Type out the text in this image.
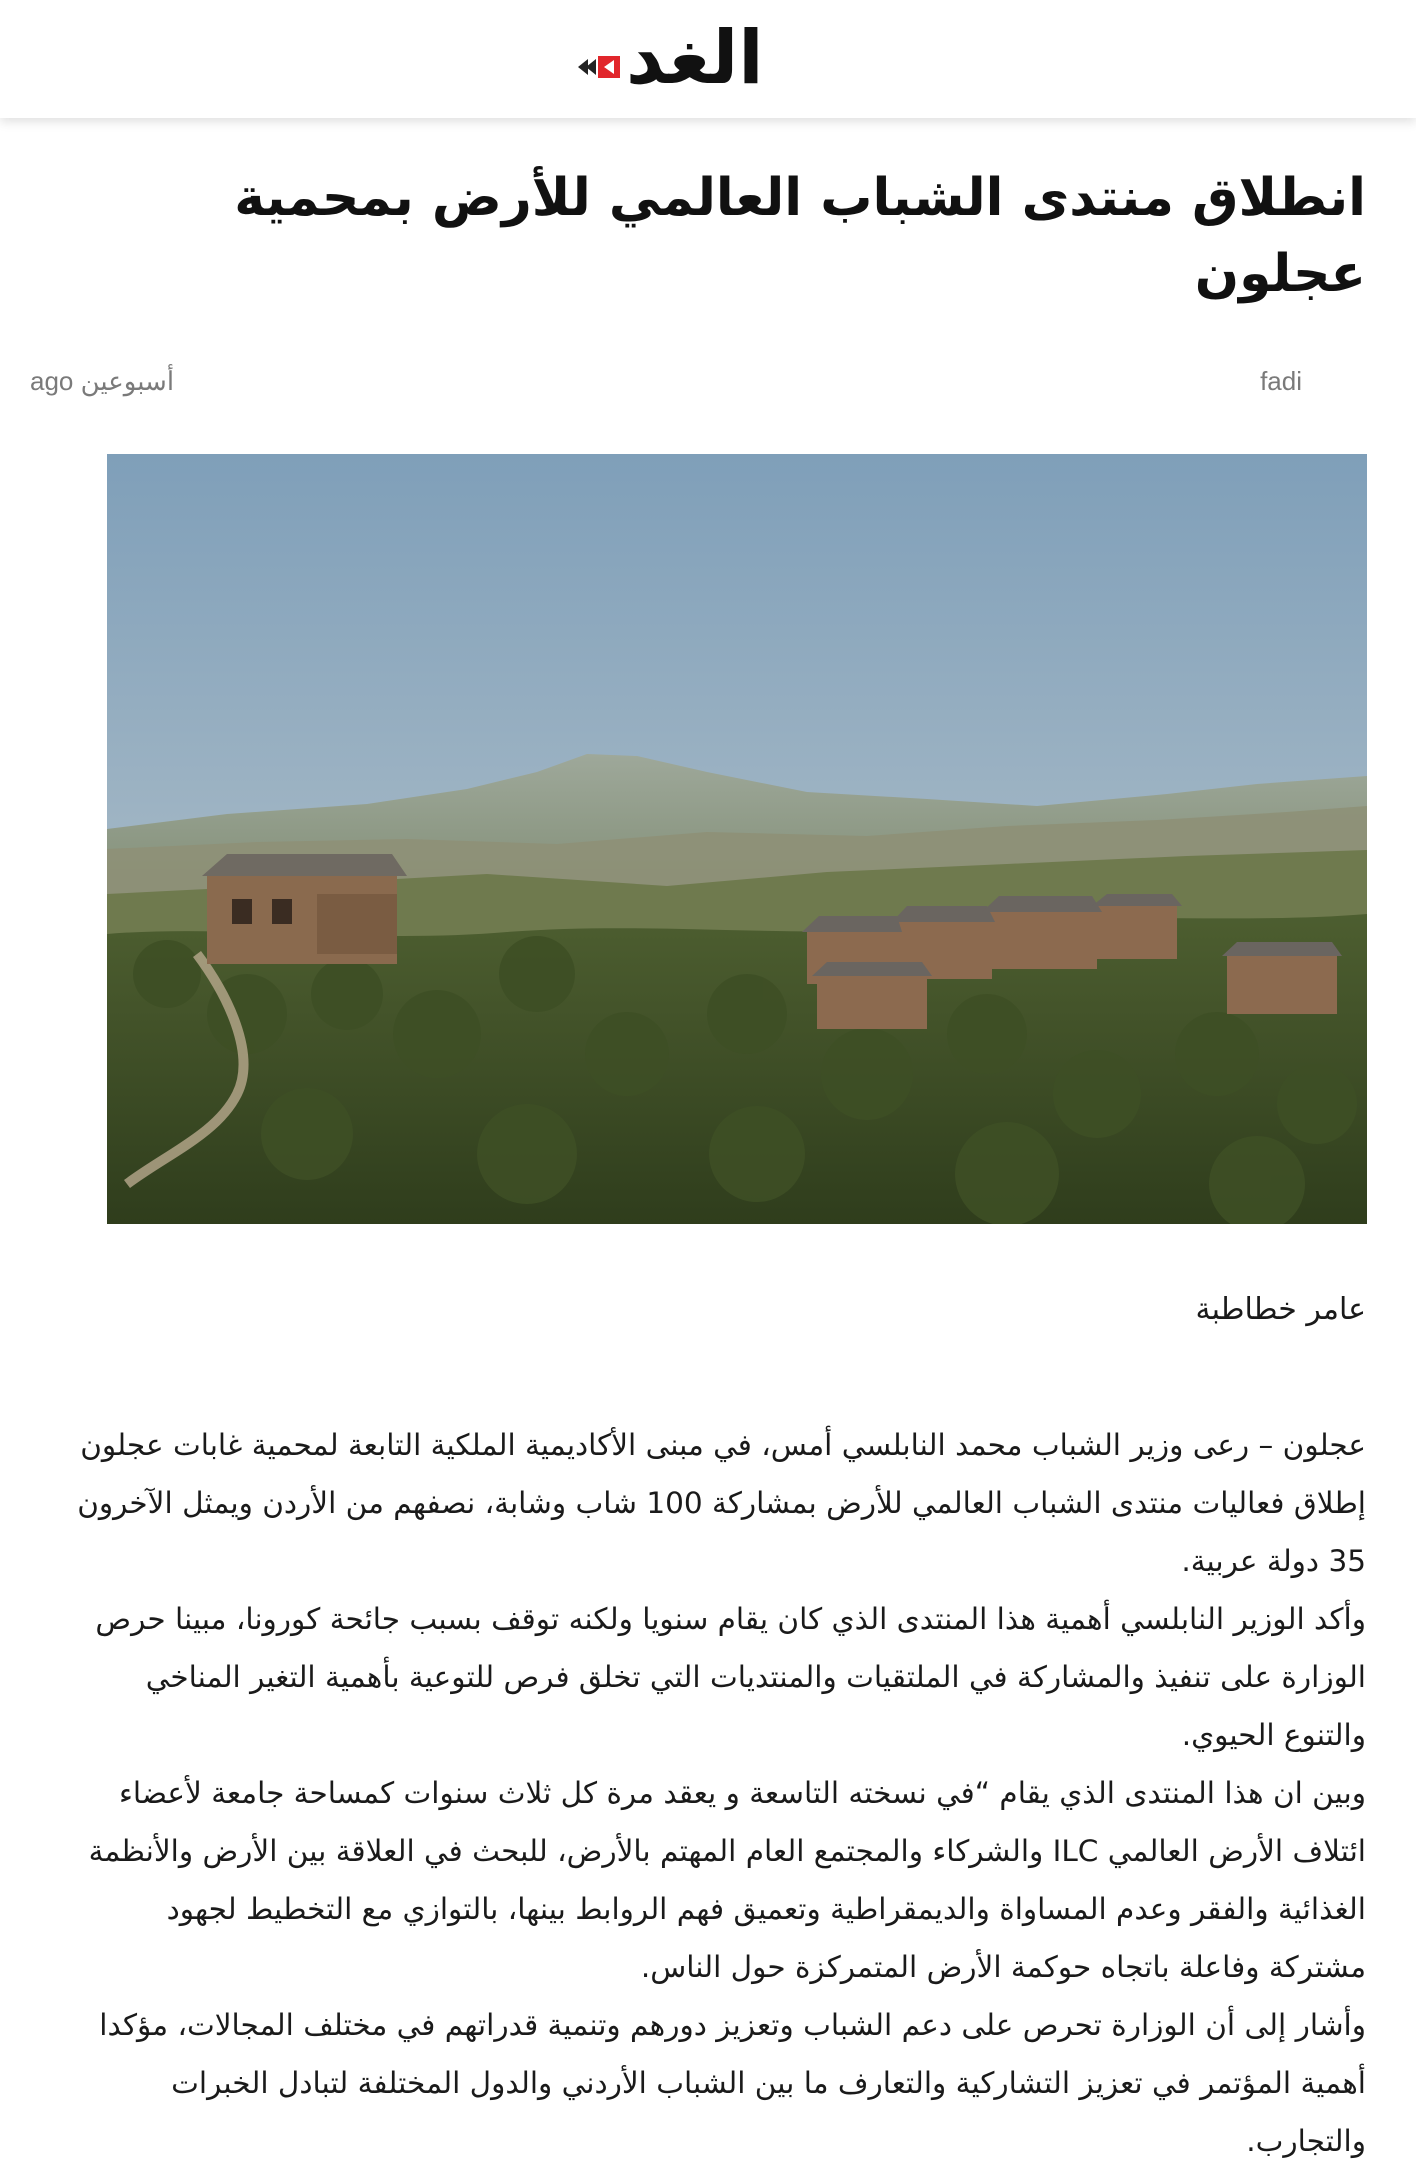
الغد
انطلاق منتدى الشباب العالمي للأرض بمحمية عجلون
أسبوعين ago	fadi
عامر خطاطبة

عجلون – رعى وزير الشباب محمد النابلسي أمس، في مبنى الأكاديمية الملكية التابعة لمحمية غابات عجلون إطلاق فعاليات منتدى الشباب العالمي للأرض بمشاركة 100 شاب وشابة، نصفهم من الأردن ويمثل الآخرون 35 دولة عربية.

وأكد الوزير النابلسي أهمية هذا المنتدى الذي كان يقام سنويا ولكنه توقف بسبب جائحة كورونا، مبينا حرص الوزارة على تنفيذ والمشاركة في الملتقيات والمنتديات التي تخلق فرص للتوعية بأهمية التغير المناخي والتنوع الحيوي.

وبين ان هذا المنتدى الذي يقام “في نسخته التاسعة و يعقد مرة كل ثلاث سنوات كمساحة جامعة لأعضاء ائتلاف الأرض العالمي ILC والشركاء والمجتمع العام المهتم بالأرض، للبحث في العلاقة بين الأرض والأنظمة الغذائية والفقر وعدم المساواة والديمقراطية وتعميق فهم الروابط بينها، بالتوازي مع التخطيط لجهود مشتركة وفاعلة باتجاه حوكمة الأرض المتمركزة حول الناس.

وأشار إلى أن الوزارة تحرص على دعم الشباب وتعزيز دورهم وتنمية قدراتهم في مختلف المجالات، مؤكدا أهمية المؤتمر في تعزيز التشاركية والتعارف ما بين الشباب الأردني والدول المختلفة لتبادل الخبرات والتجارب.
